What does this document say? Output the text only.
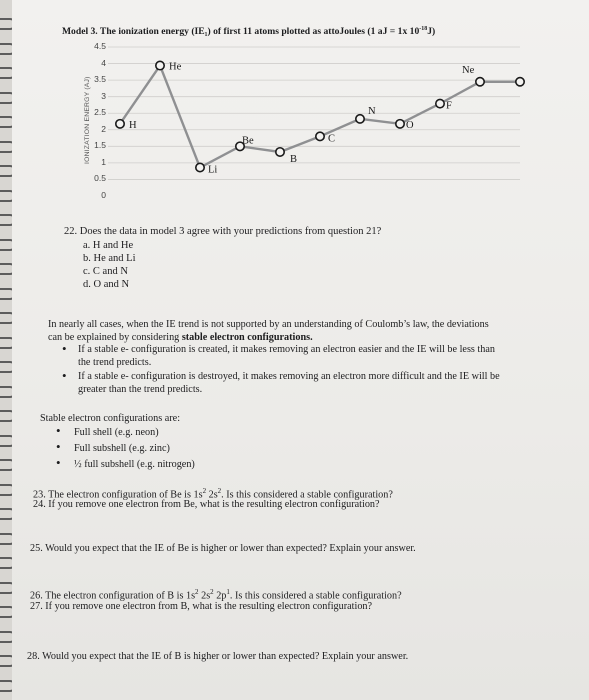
Model 3. The ionization energy (IE₁) of first 11 atoms plotted as attoJoules (1 aJ = 1x $10^{-18}J$)
4.5
4
3.5
3
2.5
2
1.5
1
0.5
0
IONIZATION ENERGY (AJ)	H
He
Li
Be
B
C
N
O
F
Ne
22. Does the data in model 3 agree with your predictions from question 21?
a. H and He
b. He and Li
c. C and N
d. O and N
In nearly all cases, when the IE trend is not supported by an understanding of Coulomb’s law, the deviations
can be explained by considering stable electron configurations.
• If a stable e- configuration is created, it makes removing an electron easier and the IE will be less than
the trend predicts.
• If a stable e- configuration is destroyed, it makes removing an electron more difficult and the IE will be
greater than the trend predicts.
Stable electron configurations are:
• Full shell (e.g. neon)
• Full subshell (e.g. zinc)
• ½ full subshell (e.g. nitrogen)
23. The electron configuration of Be is $1s^2$ $2s^2$. Is this considered a stable configuration?
24. If you remove one electron from Be, what is the resulting electron configuration?
25. Would you expect that the IE of Be is higher or lower than expected? Explain your answer.
26. The electron configuration of B is $1s^2$ $2s^2$ $2p^1$. Is this considered a stable configuration?
27. If you remove one electron from B, what is the resulting electron configuration?
28. Would you expect that the IE of B is higher or lower than expected? Explain your answer.
